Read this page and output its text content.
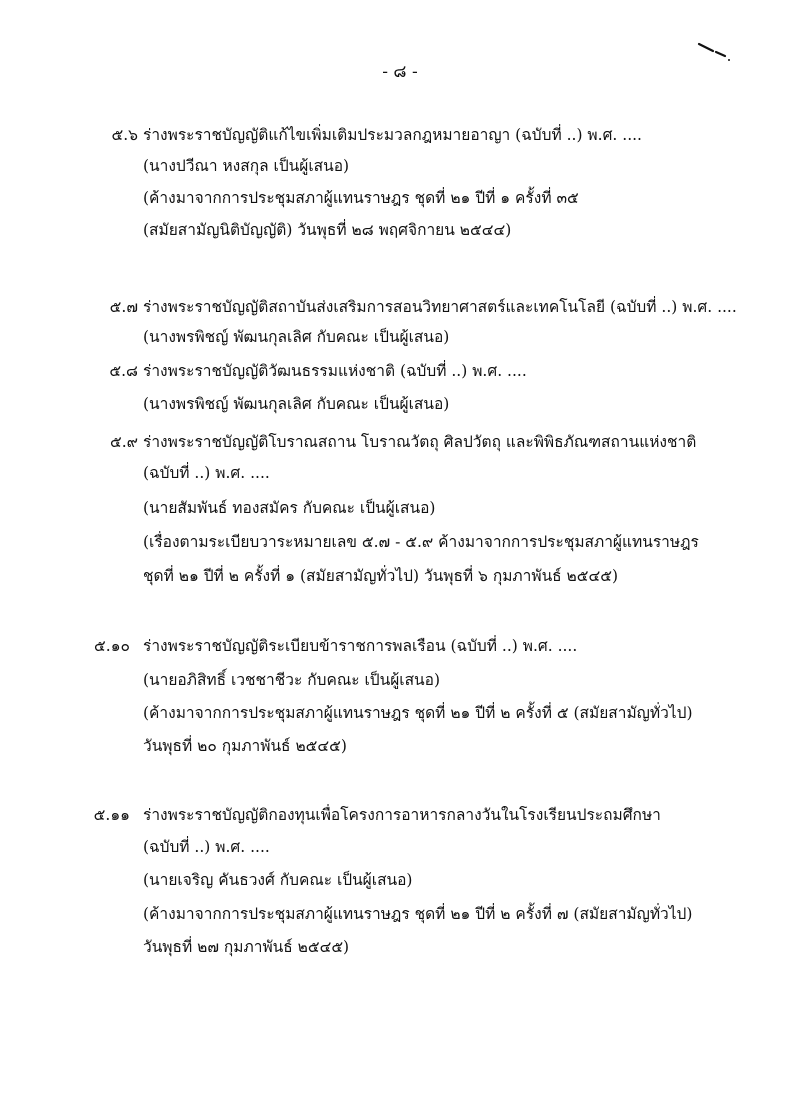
- ๘ -
๕.๖ ร่างพระราชบัญญัติแก้ไขเพิ่มเติมประมวลกฎหมายอาญา (ฉบับที่ ..) พ.ศ. ....
(นางปวีณา หงสกุล เป็นผู้เสนอ)
(ค้างมาจากการประชุมสภาผู้แทนราษฎร ชุดที่ ๒๑ ปีที่ ๑ ครั้งที่ ๓๕
(สมัยสามัญนิติบัญญัติ) วันพุธที่ ๒๘ พฤศจิกายน ๒๕๔๔)
๕.๗ ร่างพระราชบัญญัติสถาบันส่งเสริมการสอนวิทยาศาสตร์และเทคโนโลยี (ฉบับที่ ..) พ.ศ. ....
(นางพรพิชญ์ พัฒนกุลเลิศ กับคณะ เป็นผู้เสนอ)
๕.๘ ร่างพระราชบัญญัติวัฒนธรรมแห่งชาติ (ฉบับที่ ..) พ.ศ. ....
(นางพรพิชญ์ พัฒนกุลเลิศ กับคณะ เป็นผู้เสนอ)
๕.๙ ร่างพระราชบัญญัติโบราณสถาน โบราณวัตถุ ศิลปวัตถุ และพิพิธภัณฑสถานแห่งชาติ
(ฉบับที่ ..) พ.ศ. ....
(นายสัมพันธ์ ทองสมัคร กับคณะ เป็นผู้เสนอ)
(เรื่องตามระเบียบวาระหมายเลข ๕.๗ - ๕.๙ ค้างมาจากการประชุมสภาผู้แทนราษฎร
ชุดที่ ๒๑ ปีที่ ๒ ครั้งที่ ๑ (สมัยสามัญทั่วไป) วันพุธที่ ๖ กุมภาพันธ์ ๒๕๔๕)
๕.๑๐ ร่างพระราชบัญญัติระเบียบข้าราชการพลเรือน (ฉบับที่ ..) พ.ศ. ....
(นายอภิสิทธิ์ เวชชาชีวะ กับคณะ เป็นผู้เสนอ)
(ค้างมาจากการประชุมสภาผู้แทนราษฎร ชุดที่ ๒๑ ปีที่ ๒ ครั้งที่ ๕ (สมัยสามัญทั่วไป)
วันพุธที่ ๒๐ กุมภาพันธ์ ๒๕๔๕)
๕.๑๑ ร่างพระราชบัญญัติกองทุนเพื่อโครงการอาหารกลางวันในโรงเรียนประถมศึกษา
(ฉบับที่ ..) พ.ศ. ....
(นายเจริญ คันธวงศ์ กับคณะ เป็นผู้เสนอ)
(ค้างมาจากการประชุมสภาผู้แทนราษฎร ชุดที่ ๒๑ ปีที่ ๒ ครั้งที่ ๗ (สมัยสามัญทั่วไป)
วันพุธที่ ๒๗ กุมภาพันธ์ ๒๕๔๕)
